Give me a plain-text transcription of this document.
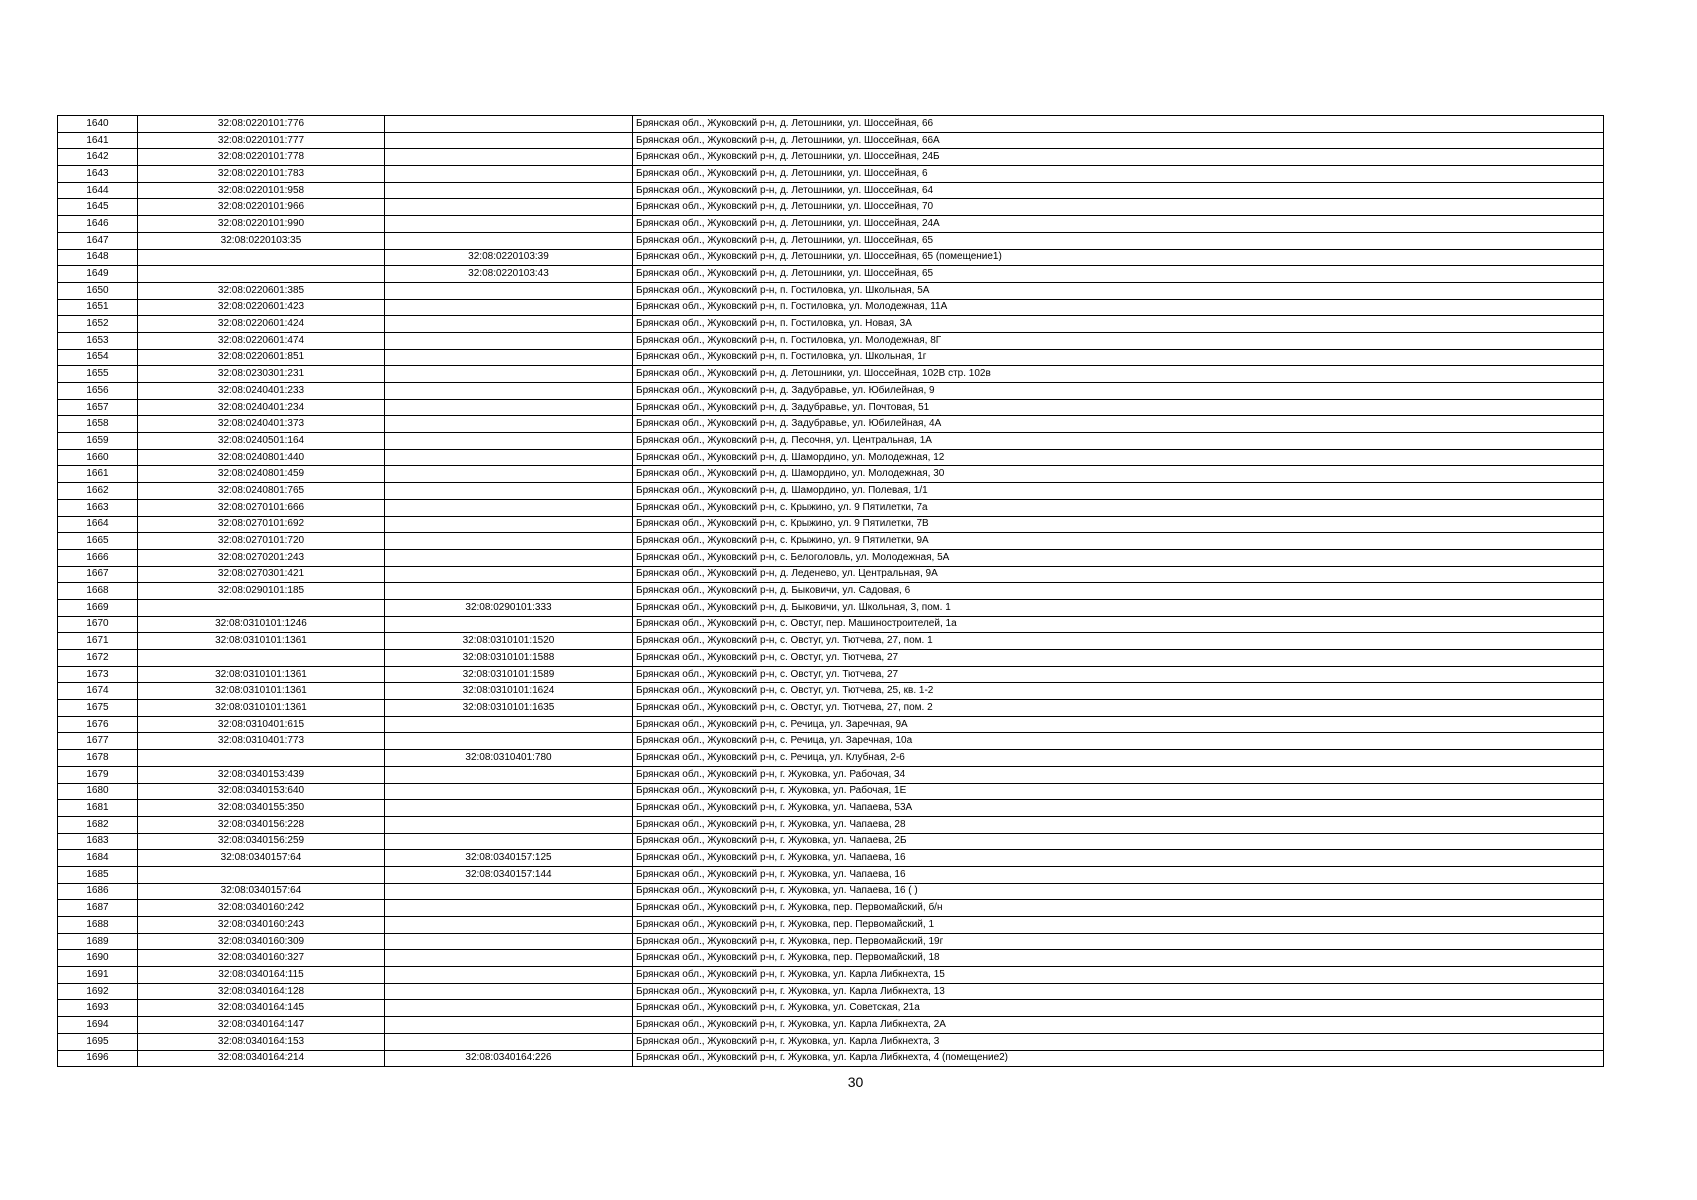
1640	32:08:0220101:776		Брянская обл., Жуковский р-н, д. Летошники, ул. Шоссейная, 66
1641	32:08:0220101:777		Брянская обл., Жуковский р-н, д. Летошники, ул. Шоссейная, 66А
1642	32:08:0220101:778		Брянская обл., Жуковский р-н, д. Летошники, ул. Шоссейная, 24Б
1643	32:08:0220101:783		Брянская обл., Жуковский р-н, д. Летошники, ул. Шоссейная, 6
1644	32:08:0220101:958		Брянская обл., Жуковский р-н, д. Летошники, ул. Шоссейная, 64
1645	32:08:0220101:966		Брянская обл., Жуковский р-н, д. Летошники, ул. Шоссейная, 70
1646	32:08:0220101:990		Брянская обл., Жуковский р-н, д. Летошники, ул. Шоссейная, 24А
1647	32:08:0220103:35		Брянская обл., Жуковский р-н, д. Летошники, ул. Шоссейная, 65
1648		32:08:0220103:39	Брянская обл., Жуковский р-н, д. Летошники, ул. Шоссейная, 65 (помещение1)
1649		32:08:0220103:43	Брянская обл., Жуковский р-н, д. Летошники, ул. Шоссейная, 65
1650	32:08:0220601:385		Брянская обл., Жуковский р-н, п. Гостиловка, ул. Школьная, 5А
1651	32:08:0220601:423		Брянская обл., Жуковский р-н, п. Гостиловка, ул. Молодежная, 11А
1652	32:08:0220601:424		Брянская обл., Жуковский р-н, п. Гостиловка, ул. Новая, 3А
1653	32:08:0220601:474		Брянская обл., Жуковский р-н, п. Гостиловка, ул. Молодежная, 8Г
1654	32:08:0220601:851		Брянская обл., Жуковский р-н, п. Гостиловка, ул. Школьная, 1г
1655	32:08:0230301:231		Брянская обл., Жуковский р-н, д. Летошники, ул. Шоссейная, 102В стр. 102в
1656	32:08:0240401:233		Брянская обл., Жуковский р-н, д. Задубравье, ул. Юбилейная, 9
1657	32:08:0240401:234		Брянская обл., Жуковский р-н, д. Задубравье, ул. Почтовая, 51
1658	32:08:0240401:373		Брянская обл., Жуковский р-н, д. Задубравье, ул. Юбилейная, 4А
1659	32:08:0240501:164		Брянская обл., Жуковский р-н, д. Песочня, ул. Центральная, 1А
1660	32:08:0240801:440		Брянская обл., Жуковский р-н, д. Шамордино, ул. Молодежная, 12
1661	32:08:0240801:459		Брянская обл., Жуковский р-н, д. Шамордино, ул. Молодежная, 30
1662	32:08:0240801:765		Брянская обл., Жуковский р-н, д. Шамордино, ул. Полевая, 1/1
1663	32:08:0270101:666		Брянская обл., Жуковский р-н, с. Крыжино, ул. 9 Пятилетки, 7а
1664	32:08:0270101:692		Брянская обл., Жуковский р-н, с. Крыжино, ул. 9 Пятилетки, 7В
1665	32:08:0270101:720		Брянская обл., Жуковский р-н, с. Крыжино, ул. 9 Пятилетки, 9А
1666	32:08:0270201:243		Брянская обл., Жуковский р-н, с. Белоголовль, ул. Молодежная, 5А
1667	32:08:0270301:421		Брянская обл., Жуковский р-н, д. Леденево, ул. Центральная, 9А
1668	32:08:0290101:185		Брянская обл., Жуковский р-н, д. Быковичи, ул. Садовая, 6
1669		32:08:0290101:333	Брянская обл., Жуковский р-н, д. Быковичи, ул. Школьная, 3, пом. 1
1670	32:08:0310101:1246		Брянская обл., Жуковский р-н, с. Овстуг, пер. Машиностроителей, 1а
1671	32:08:0310101:1361	32:08:0310101:1520	Брянская обл., Жуковский р-н, с. Овстуг, ул. Тютчева, 27, пом. 1
1672		32:08:0310101:1588	Брянская обл., Жуковский р-н, с. Овстуг, ул. Тютчева, 27
1673	32:08:0310101:1361	32:08:0310101:1589	Брянская обл., Жуковский р-н, с. Овстуг, ул. Тютчева, 27
1674	32:08:0310101:1361	32:08:0310101:1624	Брянская обл., Жуковский р-н, с. Овстуг, ул. Тютчева, 25, кв. 1-2
1675	32:08:0310101:1361	32:08:0310101:1635	Брянская обл., Жуковский р-н, с. Овстуг, ул. Тютчева, 27, пом. 2
1676	32:08:0310401:615		Брянская обл., Жуковский р-н, с. Речица, ул. Заречная, 9А
1677	32:08:0310401:773		Брянская обл., Жуковский р-н, с. Речица, ул. Заречная, 10а
1678		32:08:0310401:780	Брянская обл., Жуковский р-н, с. Речица, ул. Клубная, 2-6
1679	32:08:0340153:439		Брянская обл., Жуковский р-н, г. Жуковка, ул. Рабочая, 34
1680	32:08:0340153:640		Брянская обл., Жуковский р-н, г. Жуковка, ул. Рабочая, 1Е
1681	32:08:0340155:350		Брянская обл., Жуковский р-н, г. Жуковка, ул. Чапаева, 53А
1682	32:08:0340156:228		Брянская обл., Жуковский р-н, г. Жуковка, ул. Чапаева, 28
1683	32:08:0340156:259		Брянская обл., Жуковский р-н, г. Жуковка, ул. Чапаева, 2Б
1684	32:08:0340157:64	32:08:0340157:125	Брянская обл., Жуковский р-н, г. Жуковка, ул. Чапаева, 16
1685		32:08:0340157:144	Брянская обл., Жуковский р-н, г. Жуковка, ул. Чапаева, 16
1686	32:08:0340157:64		Брянская обл., Жуковский р-н, г. Жуковка, ул. Чапаева, 16 ( )
1687	32:08:0340160:242		Брянская обл., Жуковский р-н, г. Жуковка, пер. Первомайский, б/н
1688	32:08:0340160:243		Брянская обл., Жуковский р-н, г. Жуковка, пер. Первомайский, 1
1689	32:08:0340160:309		Брянская обл., Жуковский р-н, г. Жуковка, пер. Первомайский, 19г
1690	32:08:0340160:327		Брянская обл., Жуковский р-н, г. Жуковка, пер. Первомайский, 18
1691	32:08:0340164:115		Брянская обл., Жуковский р-н, г. Жуковка, ул. Карла Либкнехта, 15
1692	32:08:0340164:128		Брянская обл., Жуковский р-н, г. Жуковка, ул. Карла Либкнехта, 13
1693	32:08:0340164:145		Брянская обл., Жуковский р-н, г. Жуковка, ул. Советская, 21а
1694	32:08:0340164:147		Брянская обл., Жуковский р-н, г. Жуковка, ул. Карла Либкнехта, 2А
1695	32:08:0340164:153		Брянская обл., Жуковский р-н, г. Жуковка, ул. Карла Либкнехта, 3
1696	32:08:0340164:214	32:08:0340164:226	Брянская обл., Жуковский р-н, г. Жуковка, ул. Карла Либкнехта, 4 (помещение2)
30
